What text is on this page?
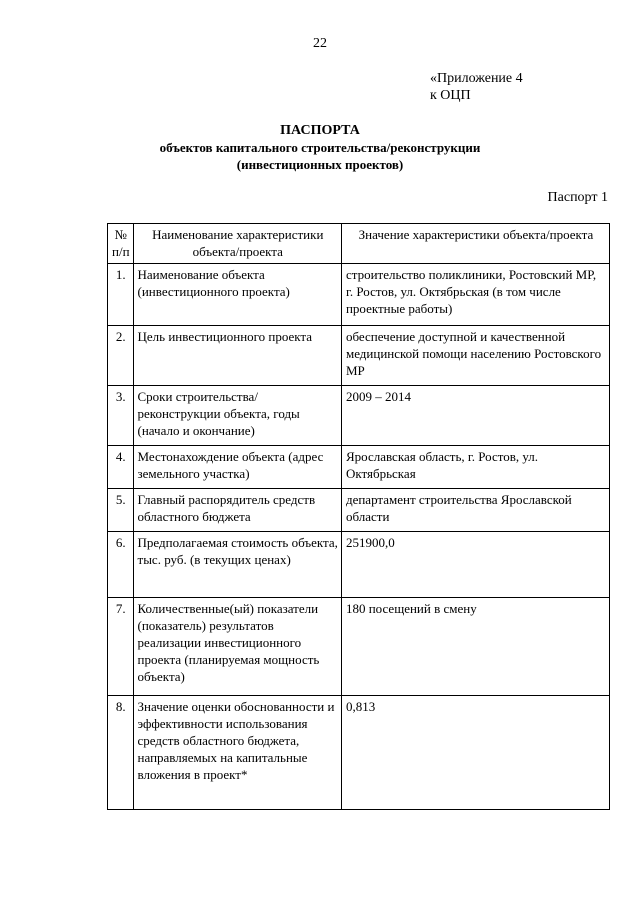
22
«Приложение 4
к ОЦП
ПАСПОРТА
объектов капитального строительства/реконструкции
(инвестиционных проектов)
Паспорт 1
№ п/п	Наименование характеристики объекта/проекта	Значение характеристики объекта/проекта
1.	Наименование объекта (инвестиционного проекта)	строительство поликлиники, Ростовский МР, г. Ростов, ул. Октябрьская (в том числе проектные работы)
2.	Цель инвестиционного проекта	обеспечение доступной и качественной медицинской помощи населению Ростовского МР
3.	Сроки строительства/реконструкции объекта, годы (начало и окончание)	2009 – 2014
4.	Местонахождение объекта (адрес земельного участка)	Ярославская область, г. Ростов, ул. Октябрьская
5.	Главный распорядитель средств областного бюджета	департамент строительства Ярославской области
6.	Предполагаемая стоимость объекта, тыс. руб. (в текущих ценах)	251900,0
7.	Количественные(ый) показатели (показатель) результатов реализации инвестиционного проекта (планируемая мощность объекта)	180 посещений в смену
8.	Значение оценки обоснованности и эффективности использования средств областного бюджета, направляемых на капитальные вложения в проект*	0,813
